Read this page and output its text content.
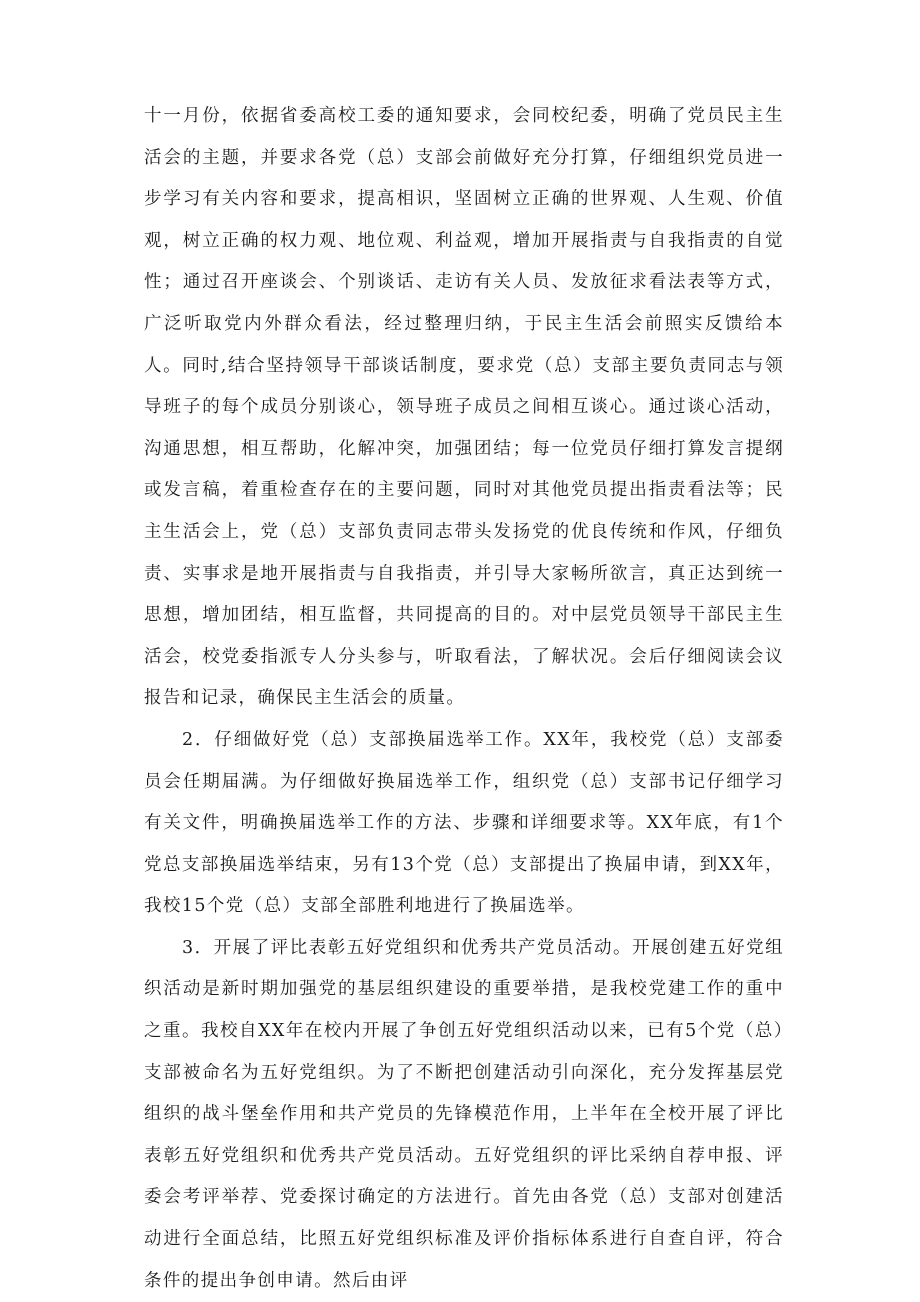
十一月份，依据省委高校工委的通知要求，会同校纪委，明确了党员民主生活会的主题，并要求各党（总）支部会前做好充分打算，仔细组织党员进一步学习有关内容和要求，提高相识，坚固树立正确的世界观、人生观、价值观，树立正确的权力观、地位观、利益观，增加开展指责与自我指责的自觉性；通过召开座谈会、个别谈话、走访有关人员、发放征求看法表等方式，广泛听取党内外群众看法，经过整理归纳，于民主生活会前照实反馈给本人。同时,结合坚持领导干部谈话制度，要求党（总）支部主要负责同志与领导班子的每个成员分别谈心，领导班子成员之间相互谈心。通过谈心活动，沟通思想，相互帮助，化解冲突，加强团结；每一位党员仔细打算发言提纲或发言稿，着重检查存在的主要问题，同时对其他党员提出指责看法等；民主生活会上，党（总）支部负责同志带头发扬党的优良传统和作风，仔细负责、实事求是地开展指责与自我指责，并引导大家畅所欲言，真正达到统一思想，增加团结，相互监督，共同提高的目的。对中层党员领导干部民主生活会，校党委指派专人分头参与，听取看法，了解状况。会后仔细阅读会议报告和记录，确保民主生活会的质量。

2．仔细做好党（总）支部换届选举工作。XX年，我校党（总）支部委员会任期届满。为仔细做好换届选举工作，组织党（总）支部书记仔细学习有关文件，明确换届选举工作的方法、步骤和详细要求等。XX年底，有1个党总支部换届选举结束，另有13个党（总）支部提出了换届申请，到XX年，我校15个党（总）支部全部胜利地进行了换届选举。

3．开展了评比表彰五好党组织和优秀共产党员活动。开展创建五好党组织活动是新时期加强党的基层组织建设的重要举措，是我校党建工作的重中之重。我校自XX年在校内开展了争创五好党组织活动以来，已有5个党（总）支部被命名为五好党组织。为了不断把创建活动引向深化，充分发挥基层党组织的战斗堡垒作用和共产党员的先锋模范作用，上半年在全校开展了评比表彰五好党组织和优秀共产党员活动。五好党组织的评比采纳自荐申报、评委会考评举荐、党委探讨确定的方法进行。首先由各党（总）支部对创建活动进行全面总结，比照五好党组织标准及评价指标体系进行自查自评，符合条件的提出争创申请。然后由评
